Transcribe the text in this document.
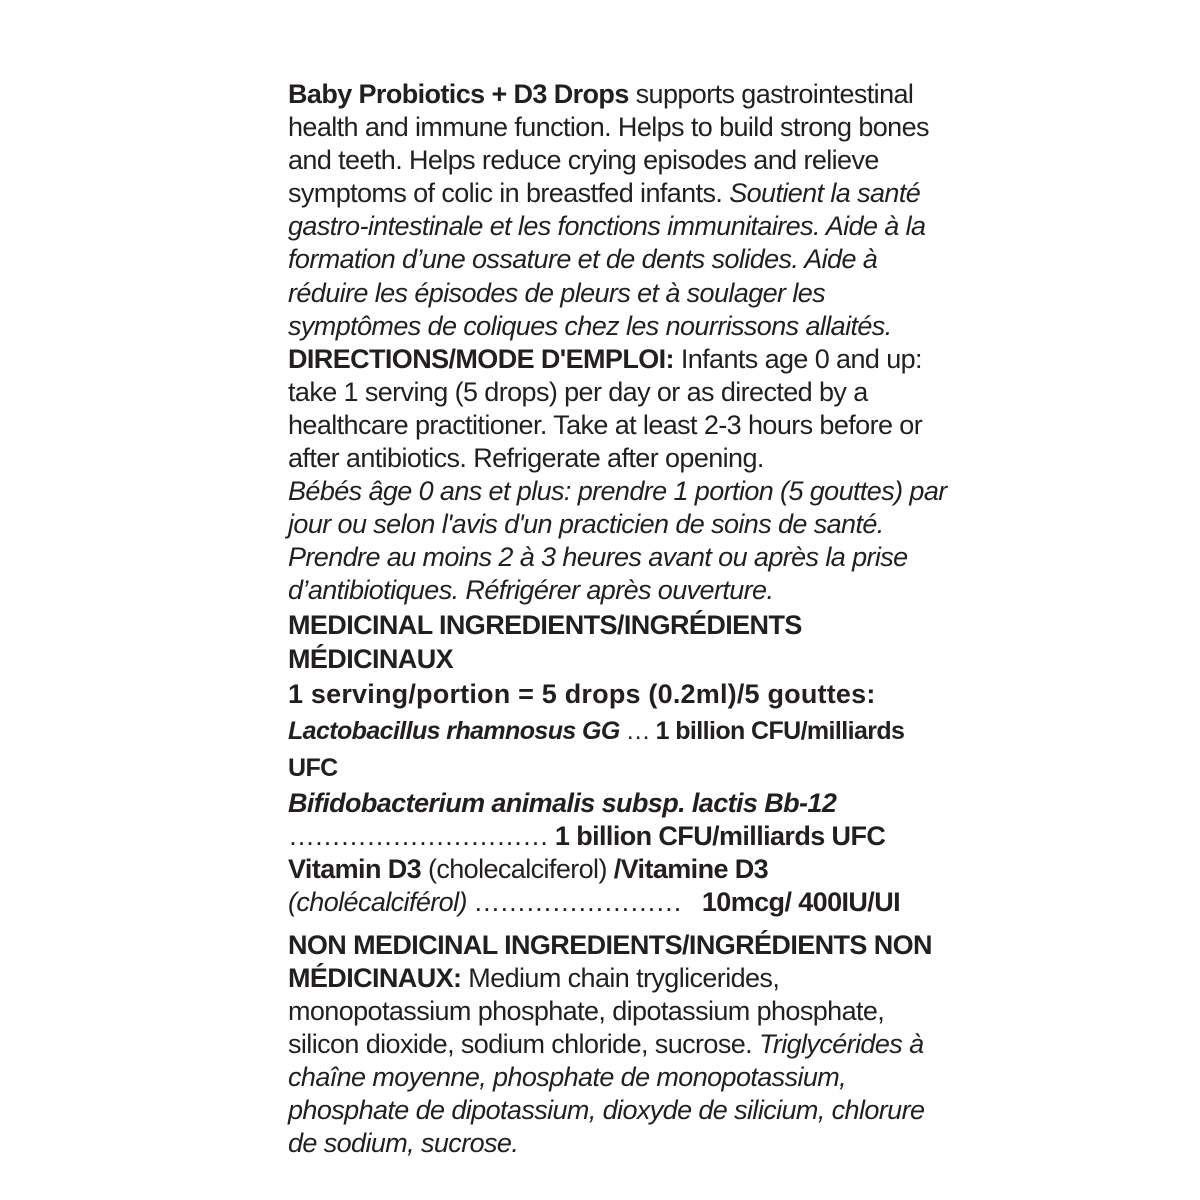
Baby Probiotics + D3 Drops supports gastrointestinal health and immune function. Helps to build strong bones and teeth. Helps reduce crying episodes and relieve symptoms of colic in breastfed infants. Soutient la santé gastro-intestinale et les fonctions immunitaires. Aide à la formation d’une ossature et de dents solides. Aide à réduire les épisodes de pleurs et à soulager les symptômes de coliques chez les nourrissons allaités.

DIRECTIONS/MODE D'EMPLOI: Infants age 0 and up: take 1 serving (5 drops) per day or as directed by a healthcare practitioner. Take at least 2-3 hours before or after antibiotics. Refrigerate after opening.
Bébés âge 0 ans et plus: prendre 1 portion (5 gouttes) par jour ou selon l'avis d'un practicien de soins de santé. Prendre au moins 2 à 3 heures avant ou après la prise d’antibiotiques. Réfrigérer après ouverture.

MEDICINAL INGREDIENTS/INGRÉDIENTS MÉDICINAUX

1 serving/portion = 5 drops (0.2ml)/5 gouttes:

Lactobacillus rhamnosus GG … 1 billion CFU/milliards UFC

Bifidobacterium animalis subsp. lactis Bb-12
………………………… 1 billion CFU/milliards UFC

Vitamin D3 (cholecalciferol) /Vitamine D3
(cholécalciférol) …………………… 10mcg/ 400IU/UI

NON MEDICINAL INGREDIENTS/INGRÉDIENTS NON MÉDICINAUX: Medium chain tryglicerides, monopotassium phosphate, dipotassium phosphate, silicon dioxide, sodium chloride, sucrose. Triglycérides à chaîne moyenne, phosphate de monopotassium, phosphate de dipotassium, dioxyde de silicium, chlorure de sodium, sucrose.
